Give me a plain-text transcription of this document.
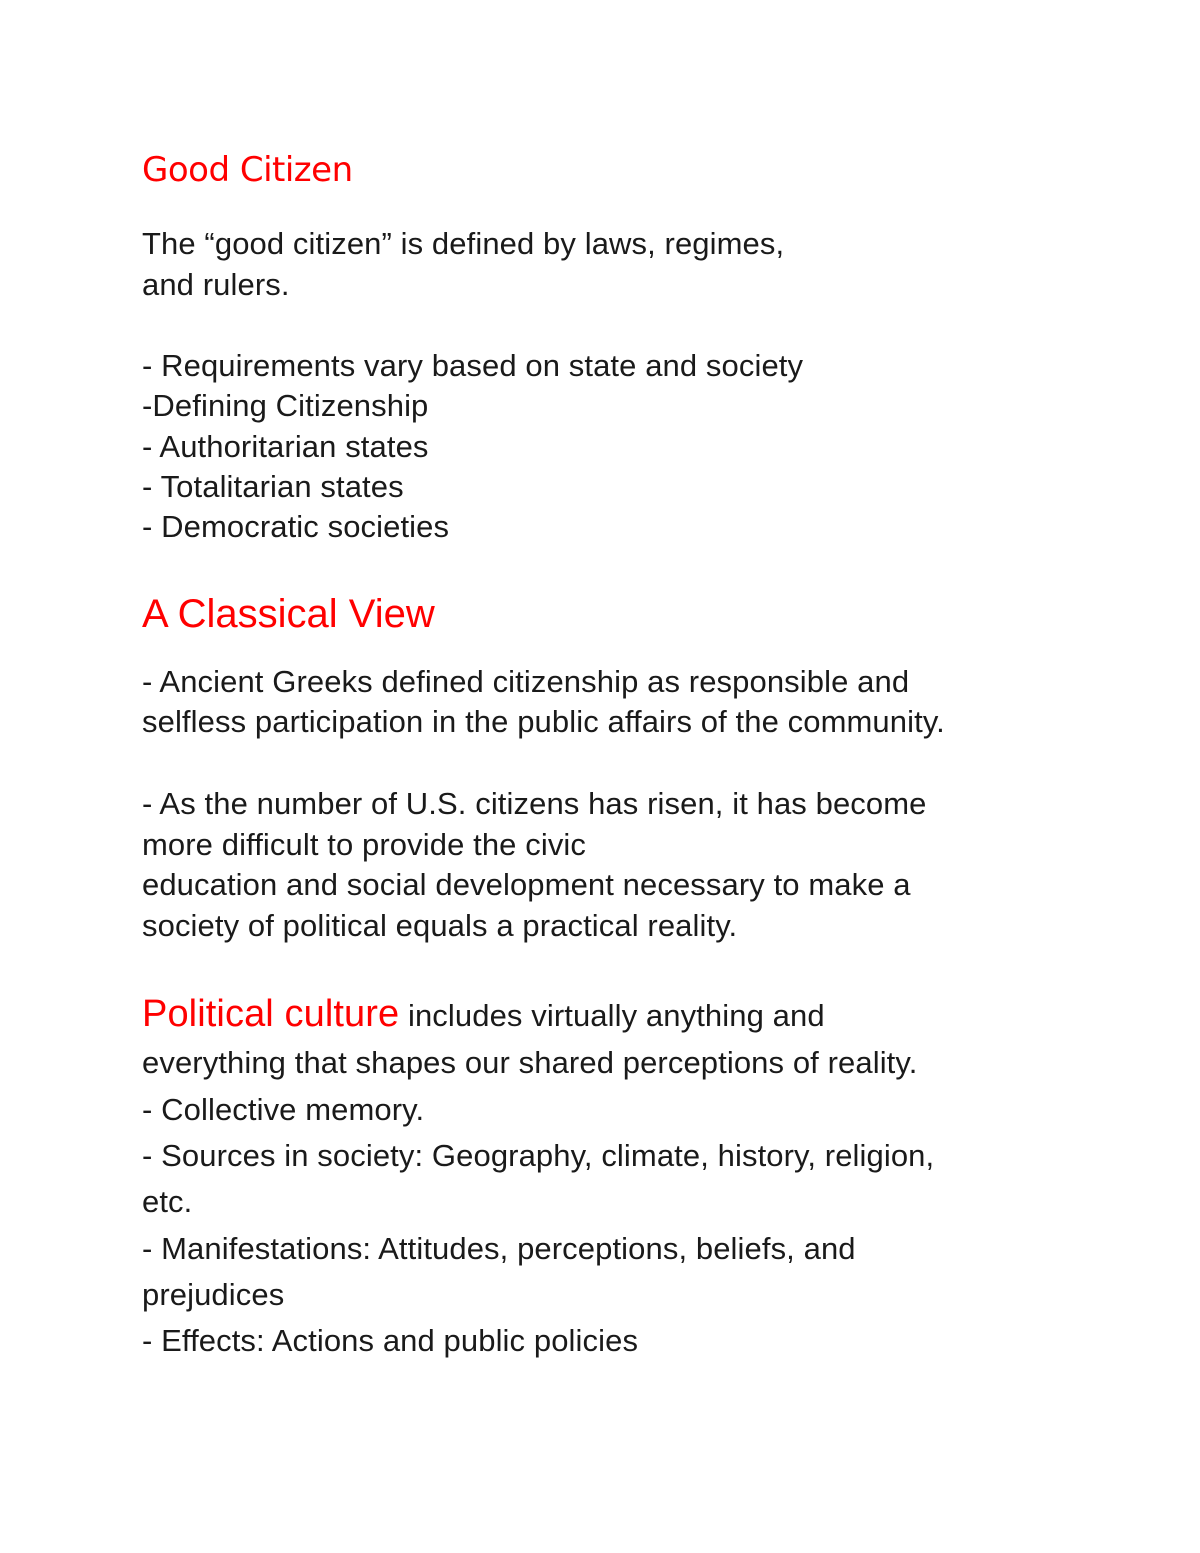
Good Citizen
The “good citizen” is defined by laws, regimes,
and rulers.
- Requirements vary based on state and society
-Defining Citizenship
- Authoritarian states
- Totalitarian states
- Democratic societies
A Classical View
- Ancient Greeks defined citizenship as responsible and
selfless participation in the public affairs of the community.
- As the number of U.S. citizens has risen, it has become
more difficult to provide the civic
education and social development necessary to make a
society of political equals a practical reality.
Political culture includes virtually anything and
everything that shapes our shared perceptions of reality.
- Collective memory.
- Sources in society: Geography, climate, history, religion,
etc.
- Manifestations: Attitudes, perceptions, beliefs, and
prejudices
- Effects: Actions and public policies
